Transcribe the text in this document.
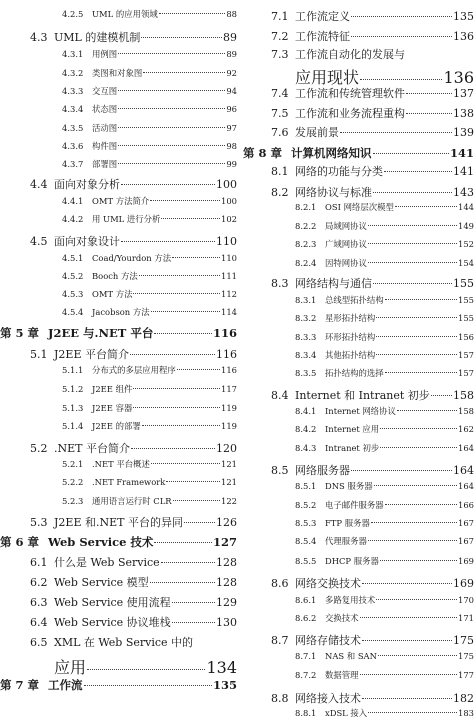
4.2.5	UML 的应用领域	88
4.3 UML 的建模机制	89
4.3.1	用例图	89
4.3.2	类图和对象图	92
4.3.3	交互图	94
4.3.4	状态图	96
4.3.5	活动图	97
4.3.6	构件图	98
4.3.7	部署图	99
4.4 面向对象分析	100
4.4.1	OMT 方法简介	100
4.4.2	用 UML 进行分析	102
4.5 面向对象设计	110
4.5.1	Coad/Yourdon 方法	110
4.5.2	Booch 方法	111
4.5.3	OMT 方法	112
4.5.4	Jacobson 方法	114
第 5 章 J2EE 与.NET 平台	116
5.1 J2EE 平台简介	116
5.1.1	分布式的多层应用程序	116
5.1.2	J2EE 组件	117
5.1.3	J2EE 容器	119
5.1.4	J2EE 的部署	119
5.2 .NET 平台简介	120
5.2.1	.NET 平台概述	121
5.2.2	.NET Framework	121
5.2.3	通用语言运行时 CLR	122
5.3 J2EE 和.NET 平台的异同	126
第 6 章 Web Service 技术	127
6.1 什么是 Web Service	128
6.2 Web Service 模型	128
6.3 Web Service 使用流程	129
6.4 Web Service 协议堆栈	130
6.5 XML 在 Web Service 中的
应用	134
第 7 章 工作流	135
7.1 工作流定义	135
7.2 工作流特征	136
7.3 工作流自动化的发展与
应用现状	136
7.4 工作流和传统管理软件	137
7.5 工作流和业务流程重构	138
7.6 发展前景	139
第 8 章 计算机网络知识	141
8.1 网络的功能与分类	141
8.2 网络协议与标准	143
8.2.1	OSI 网络层次模型	144
8.2.2	局域网协议	149
8.2.3	广域网协议	152
8.2.4	因特网协议	154
8.3 网络结构与通信	155
8.3.1	总线型拓扑结构	155
8.3.2	星形拓扑结构	155
8.3.3	环形拓扑结构	156
8.3.4	其他拓扑结构	157
8.3.5	拓扑结构的选择	157
8.4 Internet 和 Intranet 初步 158
8.4.1	Internet 网络协议	158
8.4.2	Internet 应用	162
8.4.3	Intranet 初步	164
8.5 网络服务器	164
8.5.1	DNS 服务器	164
8.5.2	电子邮件服务器	166
8.5.3	FTP 服务器	167
8.5.4	代理服务器	167
8.5.5	DHCP 服务器	169
8.6 网络交换技术	169
8.6.1	多路复用技术	170
8.6.2	交换技术	171
8.7 网络存储技术	175
8.7.1	NAS 和 SAN	175
8.7.2	数据管理	177
8.8 网络接入技术	182
8.8.1	xDSL 接入	183
